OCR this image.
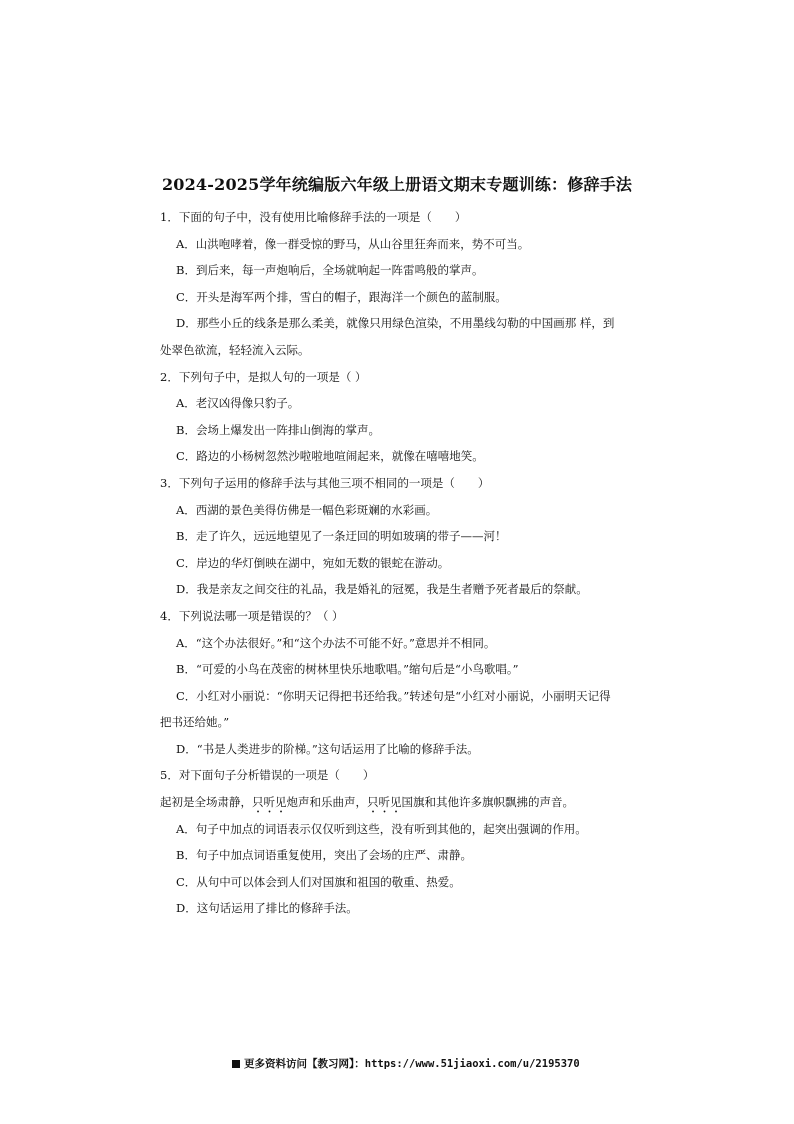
2024-2025学年统编版六年级上册语文期末专题训练：修辞手法
1．下面的句子中，没有使用比喻修辞手法的一项是（　　）
A．山洪咆哮着，像一群受惊的野马，从山谷里狂奔而来，势不可当。
B．到后来，每一声炮响后，全场就响起一阵雷鸣般的掌声。
C．开头是海军两个排，雪白的帽子，跟海洋一个颜色的蓝制服。
D．那些小丘的线条是那么柔美，就像只用绿色渲染，不用墨线勾勒的中国画那 样，到
处翠色欲流，轻轻流入云际。
2．下列句子中，是拟人句的一项是（ ）
A．老汉凶得像只豹子。
B．会场上爆发出一阵排山倒海的掌声。
C．路边的小杨树忽然沙啦啦地喧闹起来，就像在嘻嘻地笑。
3．下列句子运用的修辞手法与其他三项不相同的一项是（　　）
A．西湖的景色美得仿佛是一幅色彩斑斓的水彩画。
B．走了许久，远远地望见了一条迂回的明如玻璃的带子——河！
C．岸边的华灯倒映在湖中，宛如无数的银蛇在游动。
D．我是亲友之间交往的礼品，我是婚礼的冠冕，我是生者赠予死者最后的祭献。
4．下列说法哪一项是错误的？（ ）
A．“这个办法很好。”和“这个办法不可能不好。”意思并不相同。
B．“可爱的小鸟在茂密的树林里快乐地歌唱。”缩句后是“小鸟歌唱。”
C．小红对小丽说：“你明天记得把书还给我。”转述句是“小红对小丽说，小丽明天记得
把书还给她。”
D．“书是人类进步的阶梯。”这句话运用了比喻的修辞手法。
5．对下面句子分析错误的一项是（　　）
起初是全场肃静，只听见炮声和乐曲声，只听见国旗和其他许多旗帜飘拂的声音。
A．句子中加点的词语表示仅仅听到这些，没有听到其他的，起突出强调的作用。
B．句子中加点词语重复使用，突出了会场的庄严、肃静。
C．从句中可以体会到人们对国旗和祖国的敬重、热爱。
D．这句话运用了排比的修辞手法。
更多资料访问【教习网】：https://www.51jiaoxi.com/u/2195370
